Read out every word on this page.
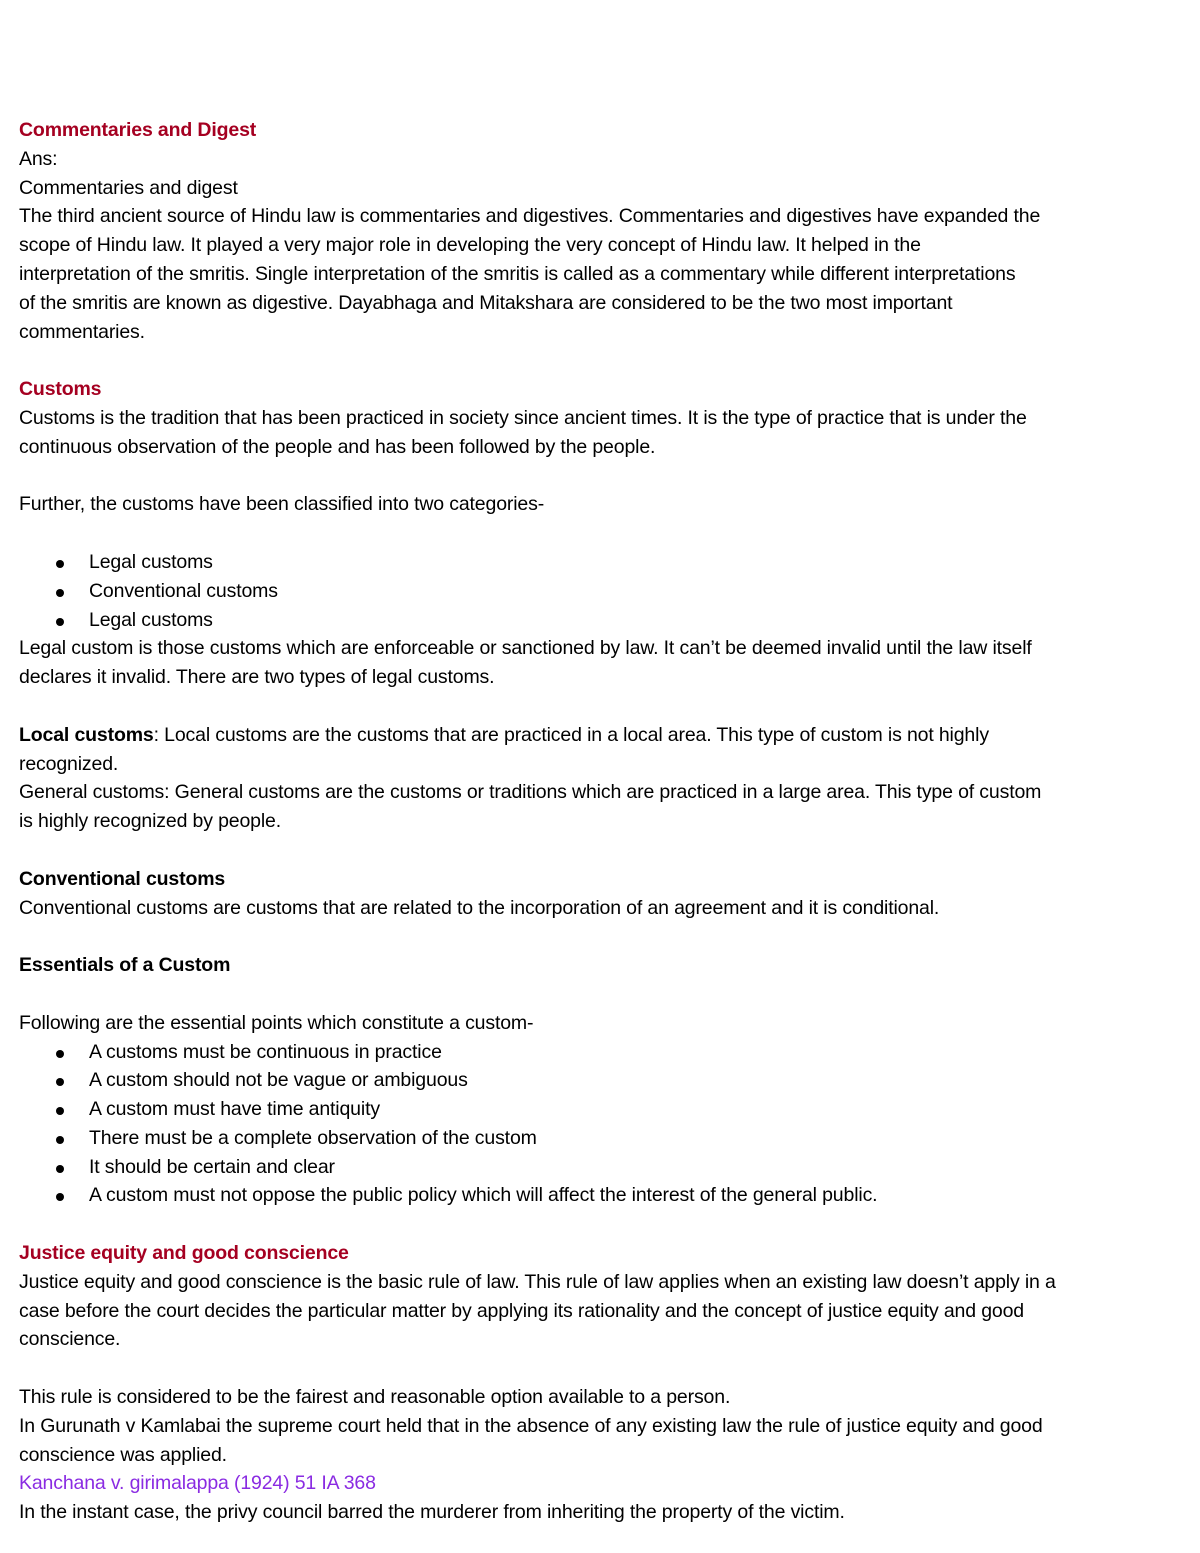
Commentaries and Digest

Ans:

Commentaries and digest

The third ancient source of Hindu law is commentaries and digestives. Commentaries and digestives have expanded the

scope of Hindu law. It played a very major role in developing the very concept of Hindu law. It helped in the

interpretation of the smritis. Single interpretation of the smritis is called as a commentary while different interpretations

of the smritis are known as digestive. Dayabhaga and Mitakshara are considered to be the two most important

commentaries.

Customs

Customs is the tradition that has been practiced in society since ancient times. It is the type of practice that is under the

continuous observation of the people and has been followed by the people.

Further, the customs have been classified into two categories-

Legal customs
Conventional customs
Legal customs

Legal custom is those customs which are enforceable or sanctioned by law. It can’t be deemed invalid until the law itself

declares it invalid. There are two types of legal customs.

Local customs: Local customs are the customs that are practiced in a local area. This type of custom is not highly

recognized.

General customs: General customs are the customs or traditions which are practiced in a large area. This type of custom

is highly recognized by people.

Conventional customs

Conventional customs are customs that are related to the incorporation of an agreement and it is conditional.

Essentials of a Custom

Following are the essential points which constitute a custom-

A customs must be continuous in practice
A custom should not be vague or ambiguous
A custom must have time antiquity
There must be a complete observation of the custom
It should be certain and clear
A custom must not oppose the public policy which will affect the interest of the general public.

Justice equity and good conscience

Justice equity and good conscience is the basic rule of law. This rule of law applies when an existing law doesn’t apply in a

case before the court decides the particular matter by applying its rationality and the concept of justice equity and good

conscience.

This rule is considered to be the fairest and reasonable option available to a person.

In Gurunath v Kamlabai the supreme court held that in the absence of any existing law the rule of justice equity and good

conscience was applied.

Kanchana v. girimalappa (1924) 51 IA 368

In the instant case, the privy council barred the murderer from inheriting the property of the victim.
